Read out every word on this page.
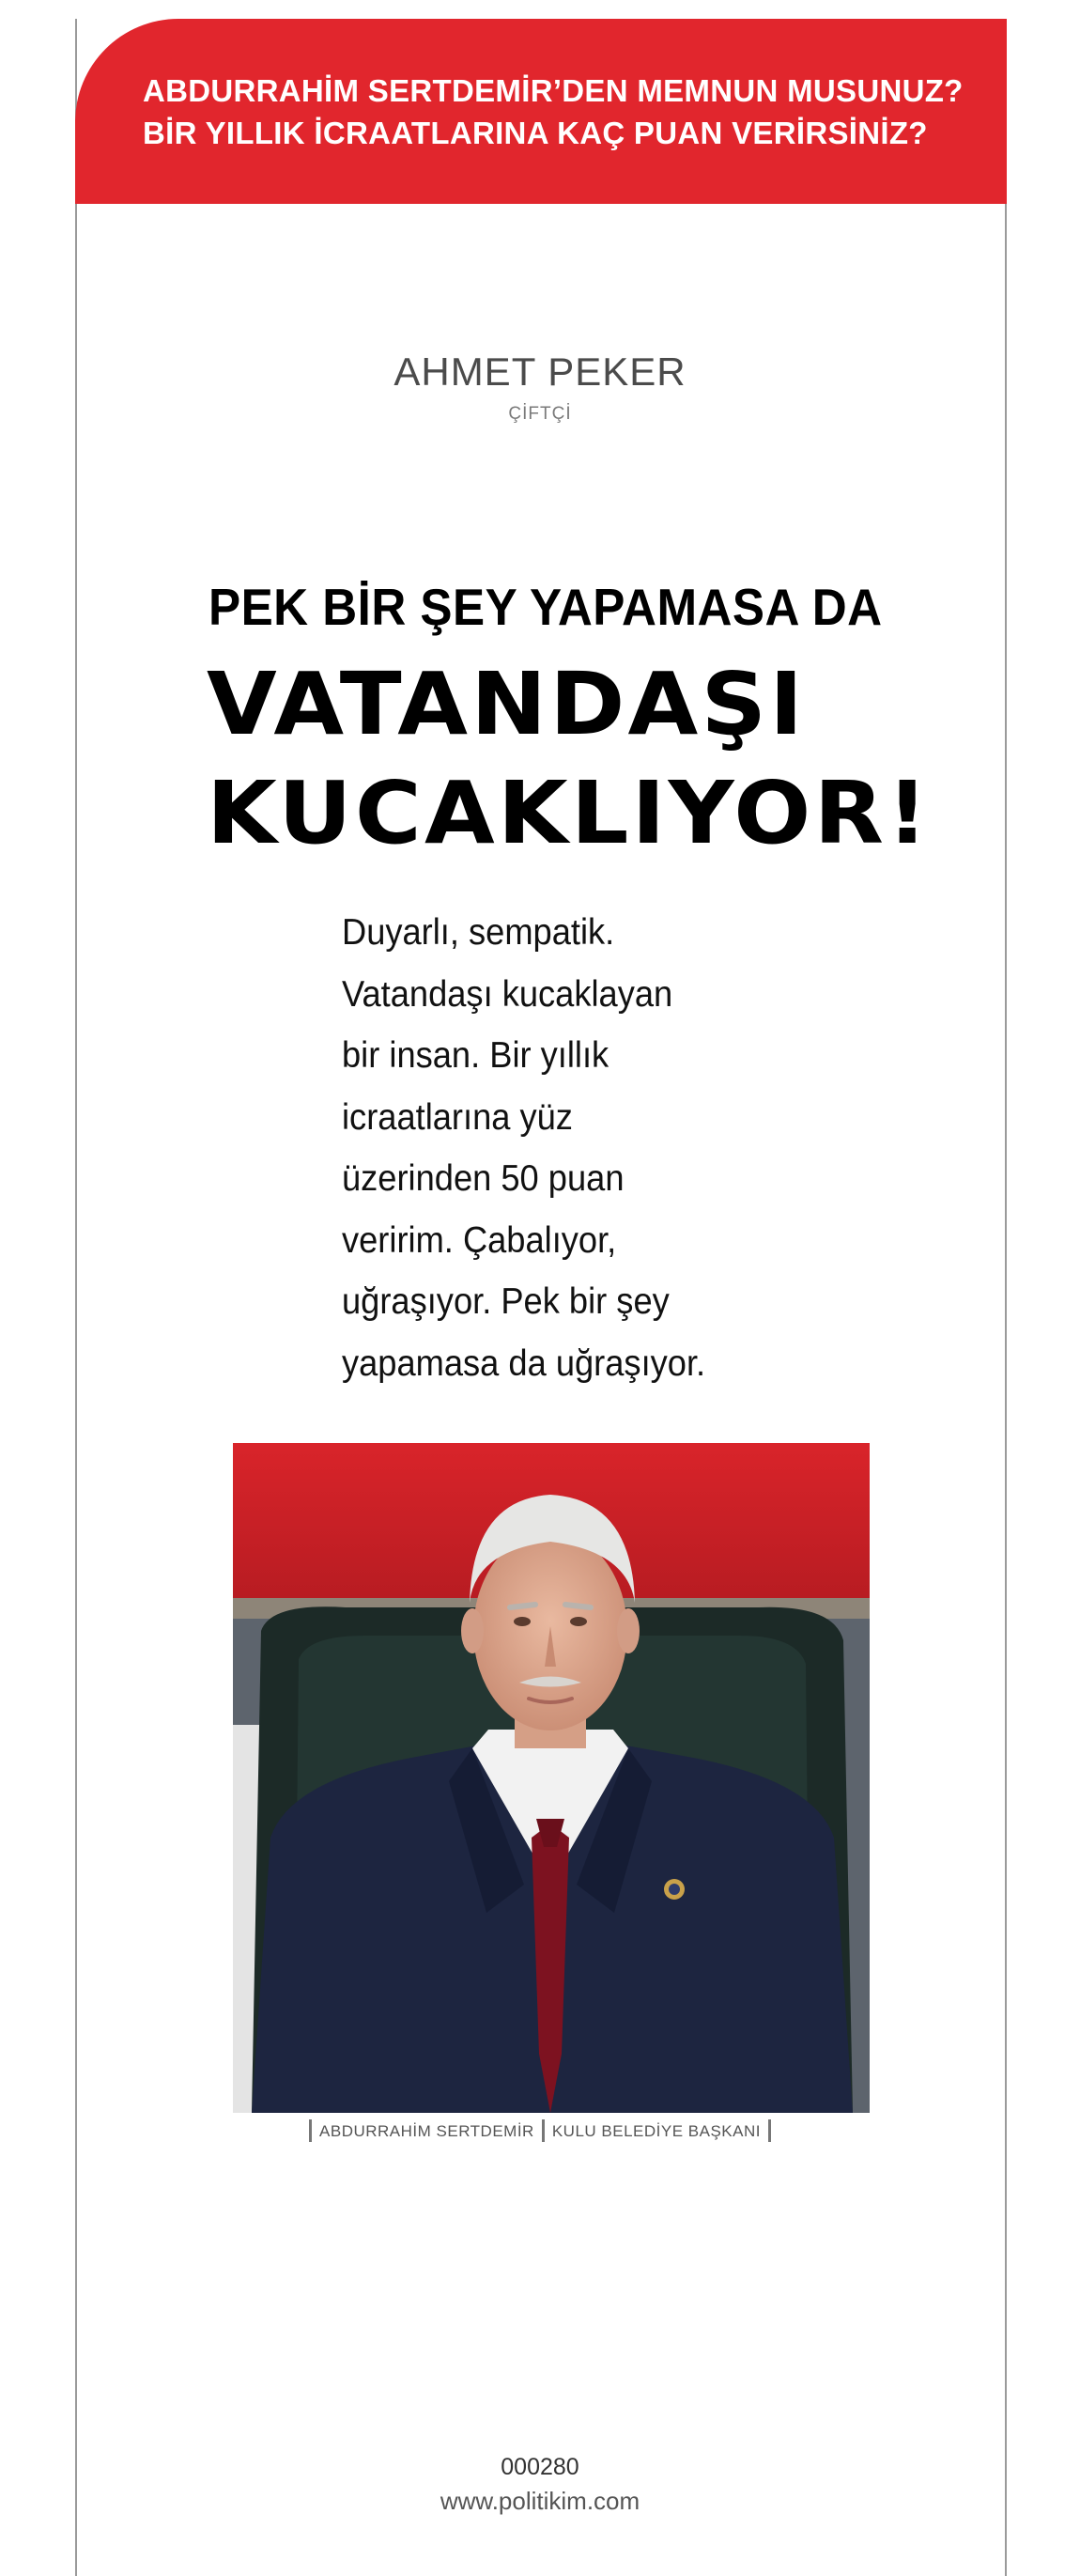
ABDURRAHİM SERTDEMİR’DEN MEMNUN MUSUNUZ?
BİR YILLIK İCRAATLARINA KAÇ PUAN VERİRSİNİZ?
AHMET PEKER
ÇİFTÇİ
PEK BİR ŞEY YAPAMASA DA
VATANDAŞI
KUCAKLIYOR!
Duyarlı, sempatik.
Vatandaşı kucaklayan
bir insan. Bir yıllık
icraatlarına yüz
üzerinden 50 puan
veririm. Çabalıyor,
uğraşıyor. Pek bir şey
yapamasa da uğraşıyor.
ABDURRAHİM SERTDEMİR KULU BELEDİYE BAŞKANI
000280
www.politikim.com
